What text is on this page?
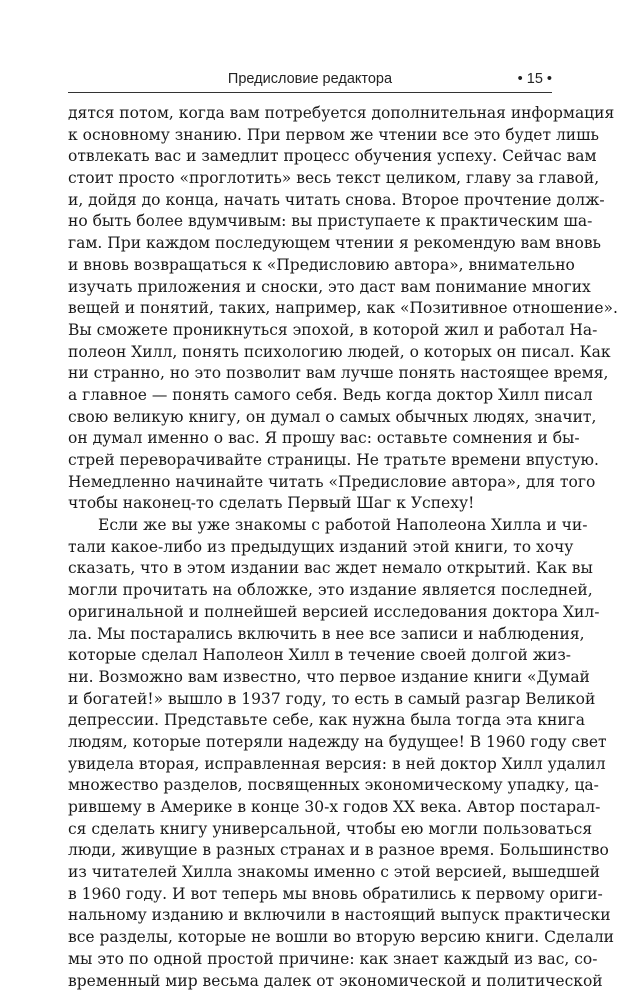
Предисловие редактора	• 15 •
дятся потом, когда вам потребуется дополнительная информация
к основному знанию. При первом же чтении все это будет лишь
отвлекать вас и замедлит процесс обучения успеху. Сейчас вам
стоит просто «проглотить» весь текст целиком, главу за главой,
и, дойдя до конца, начать читать снова. Второе прочтение долж-
но быть более вдумчивым: вы приступаете к практическим ша-
гам. При каждом последующем чтении я рекомендую вам вновь
и вновь возвращаться к «Предисловию автора», внимательно
изучать приложения и сноски, это даст вам понимание многих
вещей и понятий, таких, например, как «Позитивное отношение».
Вы сможете проникнуться эпохой, в которой жил и работал На-
полеон Хилл, понять психологию людей, о которых он писал. Как
ни странно, но это позволит вам лучше понять настоящее время,
а главное — понять самого себя. Ведь когда доктор Хилл писал
свою великую книгу, он думал о самых обычных людях, значит,
он думал именно о вас. Я прошу вас: оставьте сомнения и бы-
стрей переворачивайте страницы. Не тратьте времени впустую.
Немедленно начинайте читать «Предисловие автора», для того
чтобы наконец-то сделать Первый Шаг к Успеху!
Если же вы уже знакомы с работой Наполеона Хилла и чи-
тали какое-либо из предыдущих изданий этой книги, то хочу
сказать, что в этом издании вас ждет немало открытий. Как вы
могли прочитать на обложке, это издание является последней,
оригинальной и полнейшей версией исследования доктора Хил-
ла. Мы постарались включить в нее все записи и наблюдения,
которые сделал Наполеон Хилл в течение своей долгой жиз-
ни. Возможно вам известно, что первое издание книги «Думай
и богатей!» вышло в 1937 году, то есть в самый разгар Великой
депрессии. Представьте себе, как нужна была тогда эта книга
людям, которые потеряли надежду на будущее! В 1960 году свет
увидела вторая, исправленная версия: в ней доктор Хилл удалил
множество разделов, посвященных экономическому упадку, ца-
рившему в Америке в конце 30-х годов XX века. Автор постарал-
ся сделать книгу универсальной, чтобы ею могли пользоваться
люди, живущие в разных странах и в разное время. Большинство
из читателей Хилла знакомы именно с этой версией, вышедшей
в 1960 году. И вот теперь мы вновь обратились к первому ориги-
нальному изданию и включили в настоящий выпуск практически
все разделы, которые не вошли во вторую версию книги. Сделали
мы это по одной простой причине: как знает каждый из вас, со-
временный мир весьма далек от экономической и политической
